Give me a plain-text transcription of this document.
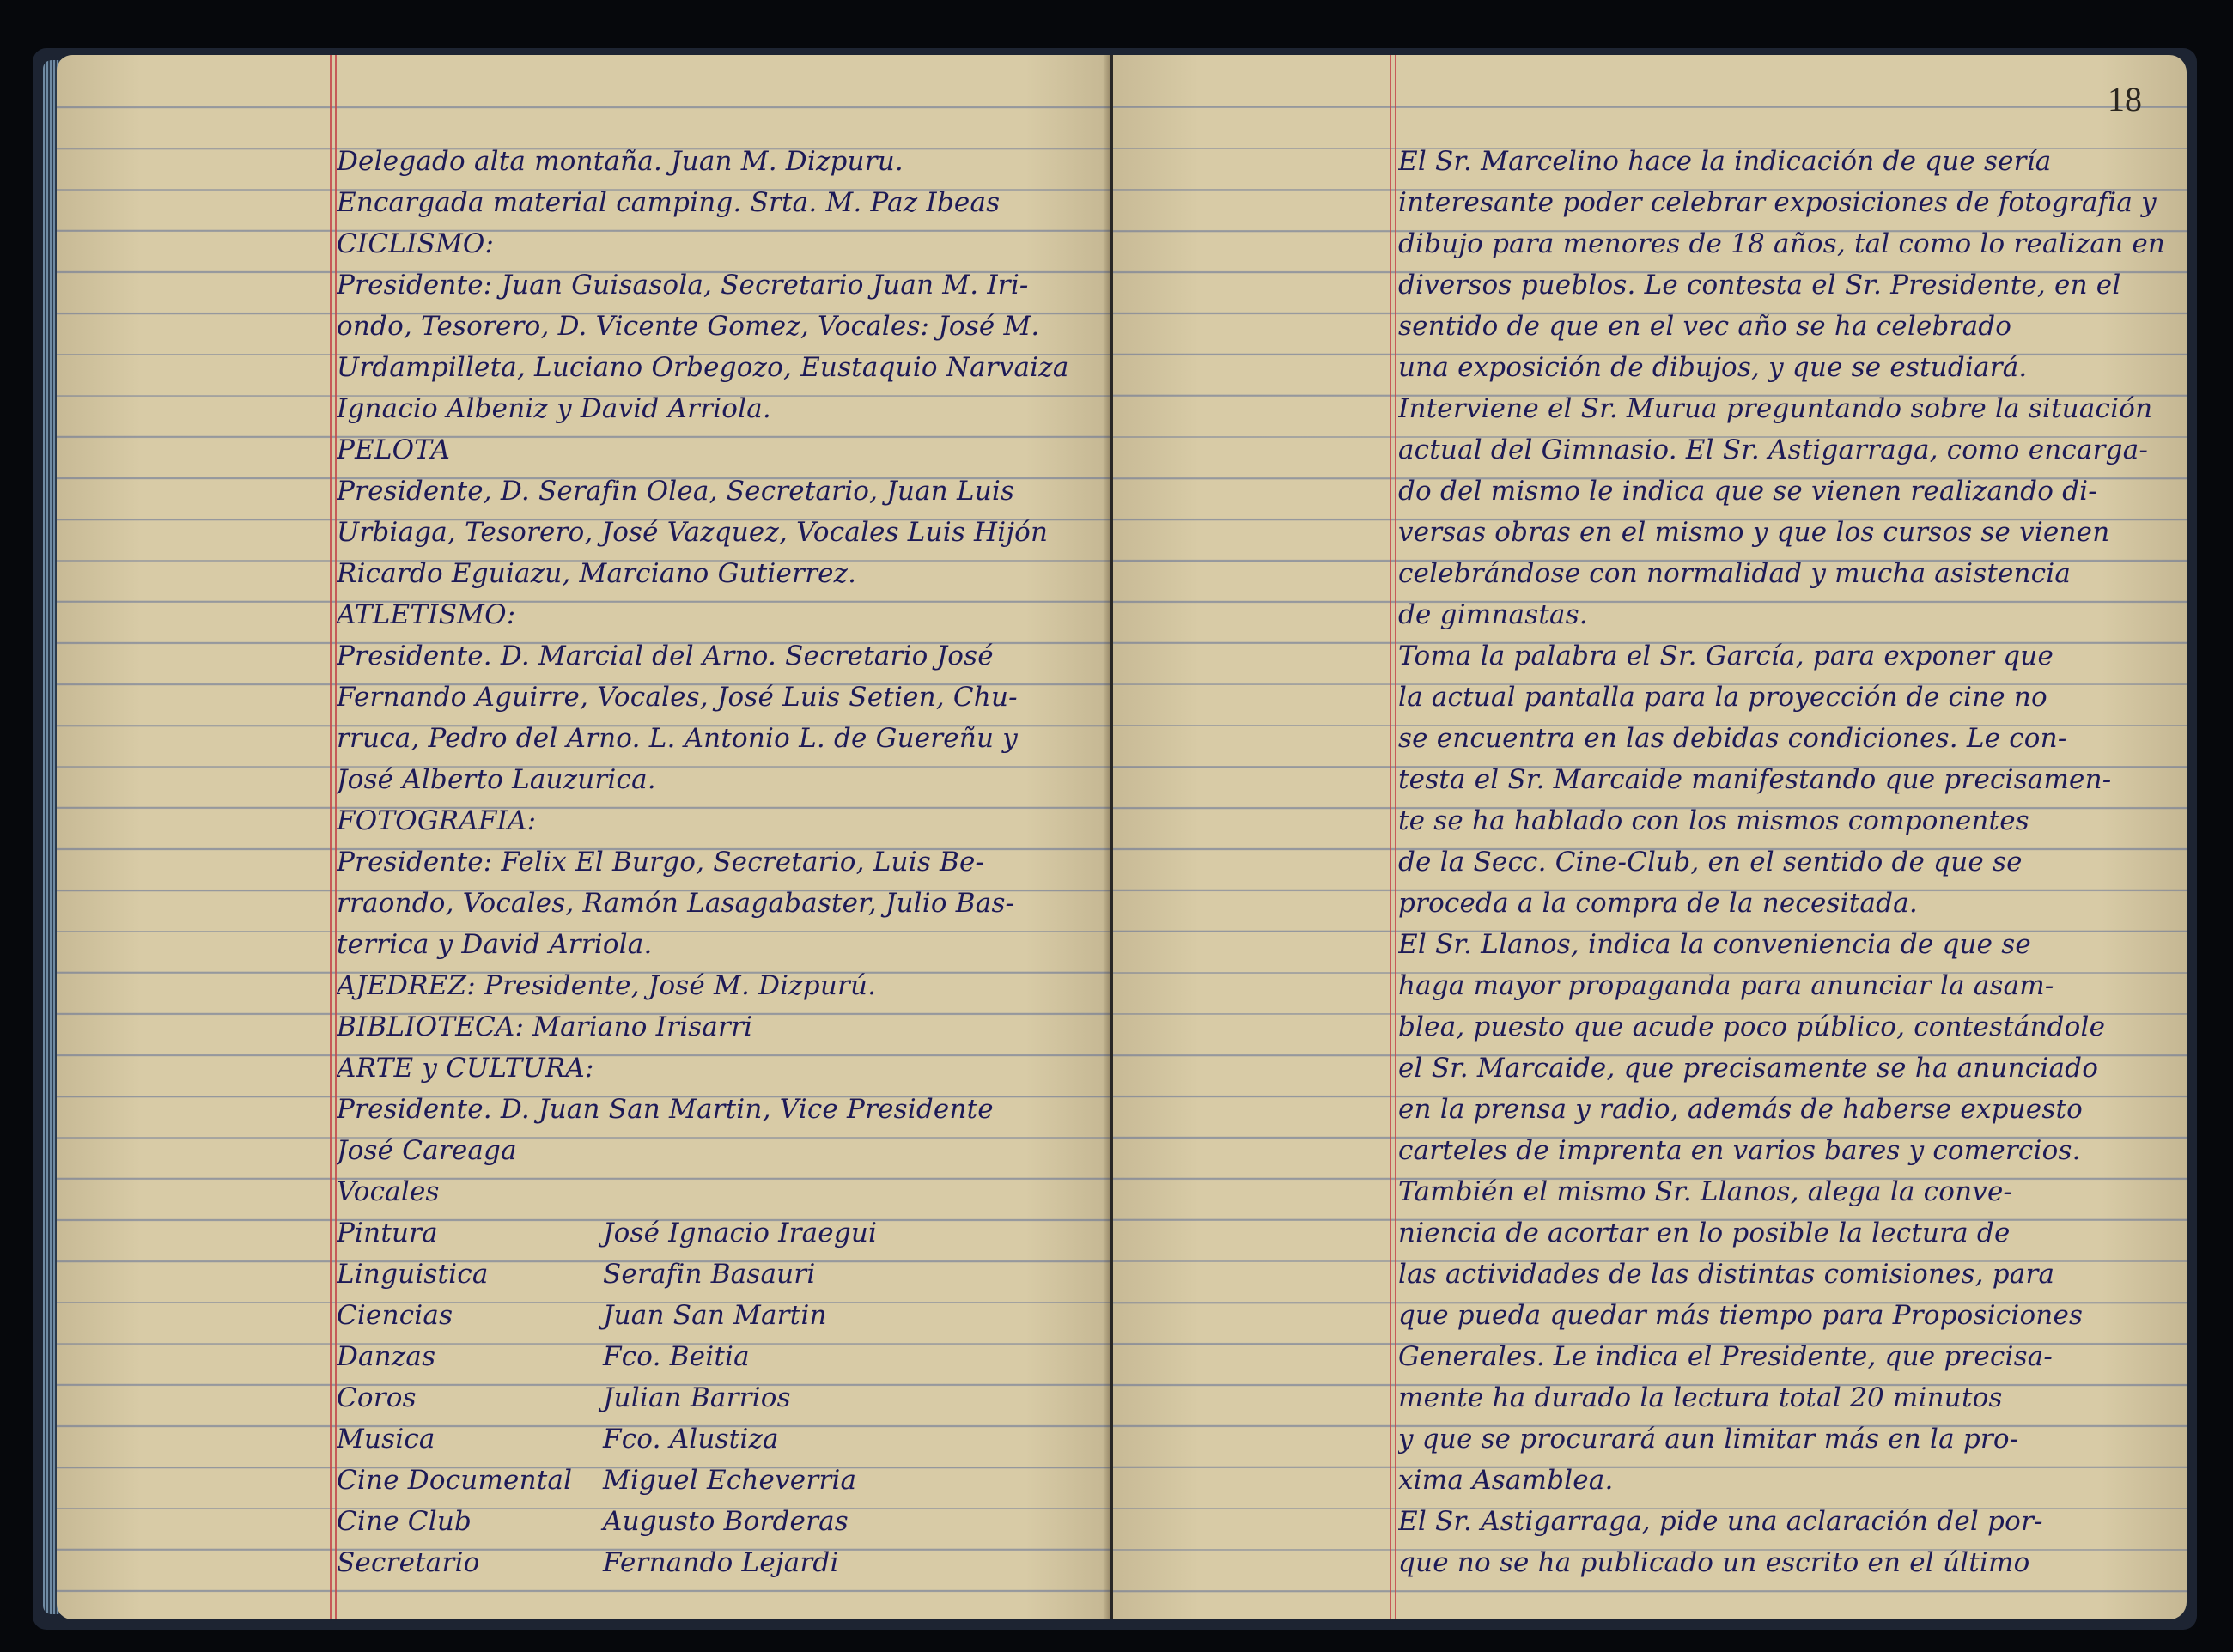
Delegado alta montaña. Juan M. Dizpuru.
Encargada material camping. Srta. M. Paz Ibeas
CICLISMO:
Presidente: Juan Guisasola, Secretario Juan M. Iri-
ondo, Tesorero, D. Vicente Gomez, Vocales: José M.
Urdampilleta, Luciano Orbegozo, Eustaquio Narvaiza
Ignacio Albeniz y David Arriola.
PELOTA
Presidente, D. Serafin Olea, Secretario, Juan Luis
Urbiaga, Tesorero, José Vazquez, Vocales Luis Hijón
Ricardo Eguiazu, Marciano Gutierrez.
ATLETISMO:
Presidente. D. Marcial del Arno. Secretario José
Fernando Aguirre, Vocales, José Luis Setien, Chu-
rruca, Pedro del Arno. L. Antonio L. de Guereñu y
José Alberto Lauzurica.
FOTOGRAFIA:
Presidente: Felix El Burgo, Secretario, Luis Be-
rraondo, Vocales, Ramón Lasagabaster, Julio Bas-
terrica y David Arriola.
AJEDREZ: Presidente, José M. Dizpurú.
BIBLIOTECA: Mariano Irisarri
ARTE y CULTURA:
Presidente. D. Juan San Martin, Vice Presidente
José Careaga
Vocales
Pintura	José Ignacio Iraegui
Linguistica	Serafin Basauri
Ciencias	Juan San Martin
Danzas	Fco. Beitia
Coros	Julian Barrios
Musica	Fco. Alustiza
Cine Documental	Miguel Echeverria
Cine Club	Augusto Borderas
Secretario	Fernando Lejardi
18
El Sr. Marcelino hace la indicación de que sería
interesante poder celebrar exposiciones de fotografia y
dibujo para menores de 18 años, tal como lo realizan en
diversos pueblos. Le contesta el Sr. Presidente, en el
sentido de que en el vec año se ha celebrado
una exposición de dibujos, y que se estudiará.
Interviene el Sr. Murua preguntando sobre la situación
actual del Gimnasio. El Sr. Astigarraga, como encarga-
do del mismo le indica que se vienen realizando di-
versas obras en el mismo y que los cursos se vienen
celebrándose con normalidad y mucha asistencia
de gimnastas.
Toma la palabra el Sr. García, para exponer que
la actual pantalla para la proyección de cine no
se encuentra en las debidas condiciones. Le con-
testa el Sr. Marcaide manifestando que precisamen-
te se ha hablado con los mismos componentes
de la Secc. Cine-Club, en el sentido de que se
proceda a la compra de la necesitada.
El Sr. Llanos, indica la conveniencia de que se
haga mayor propaganda para anunciar la asam-
blea, puesto que acude poco público, contestándole
el Sr. Marcaide, que precisamente se ha anunciado
en la prensa y radio, además de haberse expuesto
carteles de imprenta en varios bares y comercios.
También el mismo Sr. Llanos, alega la conve-
niencia de acortar en lo posible la lectura de
las actividades de las distintas comisiones, para
que pueda quedar más tiempo para Proposiciones
Generales. Le indica el Presidente, que precisa-
mente ha durado la lectura total 20 minutos
y que se procurará aun limitar más en la pro-
xima Asamblea.
El Sr. Astigarraga, pide una aclaración del por-
que no se ha publicado un escrito en el último
